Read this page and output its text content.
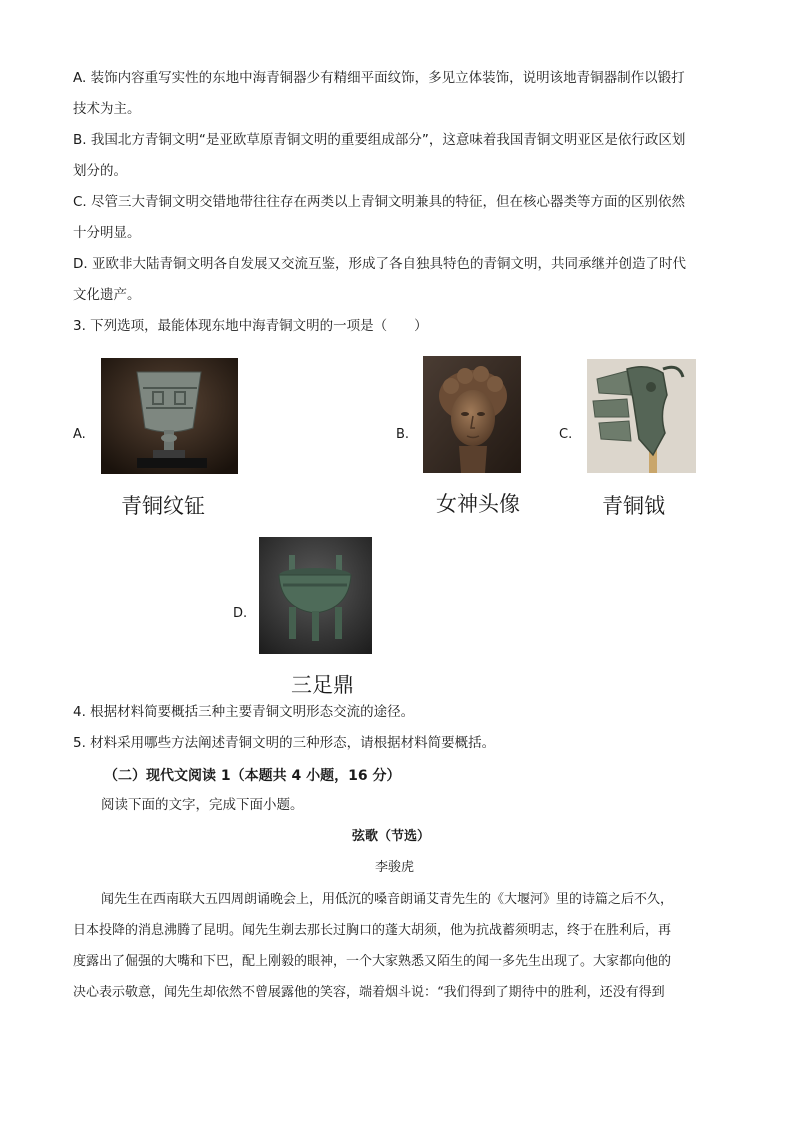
A. 装饰内容重写实性的东地中海青铜器少有精细平面纹饰，多见立体装饰，说明该地青铜器制作以锻打
技术为主。
B. 我国北方青铜文明“是亚欧草原青铜文明的重要组成部分”，这意味着我国青铜文明亚区是依行政区划
划分的。
C. 尽管三大青铜文明交错地带往往存在两类以上青铜文明兼具的特征，但在核心器类等方面的区别依然
十分明显。
D. 亚欧非大陆青铜文明各自发展又交流互鉴，形成了各自独具特色的青铜文明，共同承继并创造了时代
文化遗产。
3. 下列选项，最能体现东地中海青铜文明的一项是（　　）
A.
青铜纹钲
B.
女神头像
C.
青铜钺
D.
三足鼎
4. 根据材料简要概括三种主要青铜文明形态交流的途径。
5. 材料采用哪些方法阐述青铜文明的三种形态，请根据材料简要概括。
（二）现代文阅读 1（本题共 4 小题，16 分）
阅读下面的文字，完成下面小题。
弦歌（节选）
李骏虎
闻先生在西南联大五四周朗诵晚会上，用低沉的嗓音朗诵艾青先生的《大堰河》里的诗篇之后不久，
日本投降的消息沸腾了昆明。闻先生剃去那长过胸口的蓬大胡须，他为抗战蓄须明志，终于在胜利后，再
度露出了倔强的大嘴和下巴，配上刚毅的眼神，一个大家熟悉又陌生的闻一多先生出现了。大家都向他的
决心表示敬意，闻先生却依然不曾展露他的笑容，端着烟斗说：“我们得到了期待中的胜利，还没有得到
